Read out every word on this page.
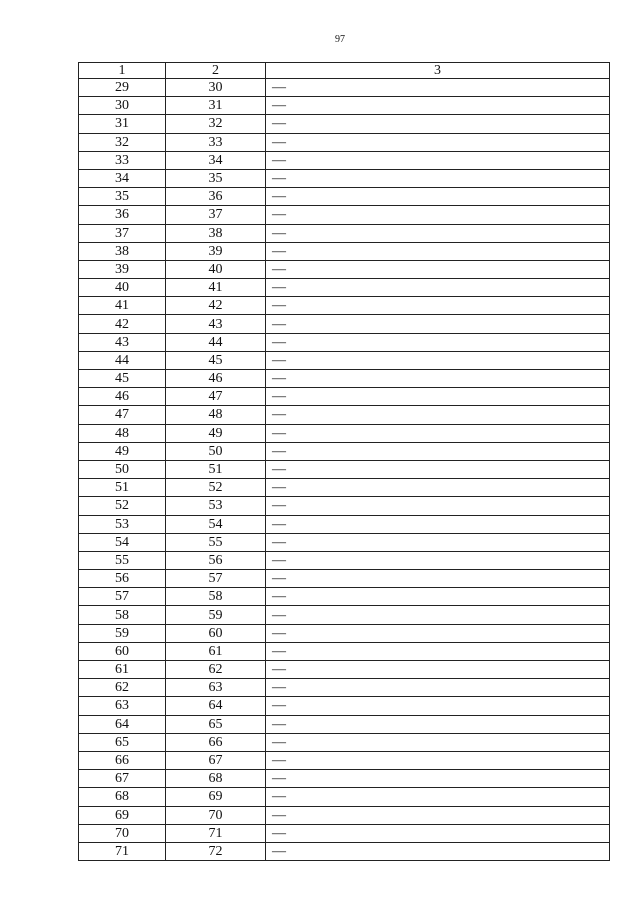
97
1	2	3
29	30	—
30	31	—
31	32	—
32	33	—
33	34	—
34	35	—
35	36	—
36	37	—
37	38	—
38	39	—
39	40	—
40	41	—
41	42	—
42	43	—
43	44	—
44	45	—
45	46	—
46	47	—
47	48	—
48	49	—
49	50	—
50	51	—
51	52	—
52	53	—
53	54	—
54	55	—
55	56	—
56	57	—
57	58	—
58	59	—
59	60	—
60	61	—
61	62	—
62	63	—
63	64	—
64	65	—
65	66	—
66	67	—
67	68	—
68	69	—
69	70	—
70	71	—
71	72	—
